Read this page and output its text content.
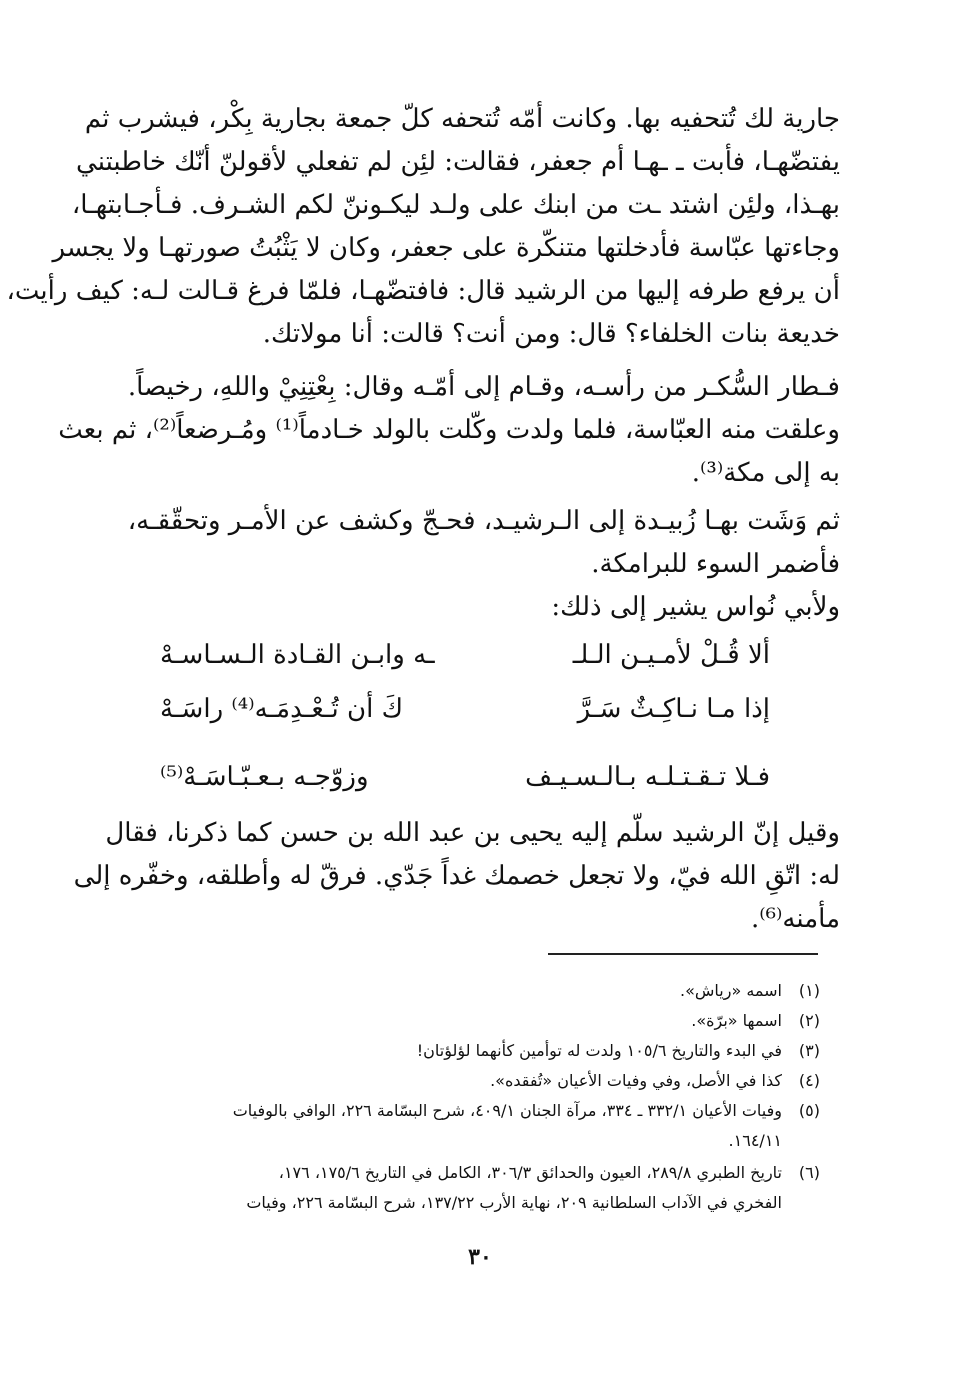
جارية لك تُتحفيه بها. وكانت أمّه تُتحفه كلّ جمعة بجارية بِكْر، فيشرب ثم
يفتضّهـا، فأبت ـ ـهـا أم جعفر، فقالت: لئِن لم تفعلي لأقولنّ أنّك خاطبتني
بهـذا، ولئِن اشتد ـت من ابنك على ولـد ليكـوننّ لكم الشـرف. فـأجـابتهـا،
وجاءتها عبّاسة فأدخلتها متنكّرة على جعفر، وكان لا يَثْبُتُ صورتهـا ولا يجسر
أن يرفع طرفه إليها من الرشيد قال: فافتضّهـا، فلمّا فرغ قـالت لـه: كيف رأيت،
خديعة بنات الخلفاء؟ قال: ومن أنت؟ قالت: أنا مولاتك.
فـطار السُّكـر من رأسـه، وقـام إلى أمّـه وقال: بِعْتِنِيْ واللهِ، رخيصاً.
وعلقت منه العبّاسة، فلما ولدت وكّلت بالولد خـادماً⁽¹⁾ ومُـرضعاً⁽²⁾، ثم بعث
به إلى مكة⁽³⁾.
ثم وَشَت بهـا زُبيـدة إلى الـرشيـد، فحـجّ وكشف عن الأمـر وتحقّقـه،
فأضمر السوء للبرامكة.
ولأبي نُواس يشير إلى ذلك:
ألا قُـلْ لأمـيـن الـلـ
ـه وابـن القـادة الـسـاسـهْ
إذا مـا نـاكِـثٌ سَـرَّ
كَ أن تُـعْـدِمَـه⁽⁴⁾ راسَـهْ
فـلا تـقـتـلـه بـالـسـيـف
وزوّجـه بـعـبّـاسَـهْ⁽⁵⁾
وقيل إنّ الرشيد سلّم إليه يحيى بن عبد الله بن حسن كما ذكرنا، فقال
له: اتّقِ الله فيّ، ولا تجعل خصمك غداً جَدّي. فرقّ له وأطلقه، وخفّره إلى
مأمنه⁽⁶⁾.
(١)اسمه «رياش».
(٢)اسمها «برّة».
(٣)في البدء والتاريخ ١٠٥/٦ ولدت له توأمين كأنهما لؤلؤتان!
(٤)كذا في الأصل، وفي وفيات الأعيان «تُفقده».
(٥)وفيات الأعيان ٣٣٢/١ ـ ٣٣٤، مرآة الجنان ٤٠٩/١، شرح البسّامة ٢٢٦، الوافي بالوفيات
١٦٤/١١.
(٦)تاريخ الطبري ٢٨٩/٨، العيون والحدائق ٣٠٦/٣، الكامل في التاريخ ١٧٥/٦، ١٧٦،
الفخري في الآداب السلطانية ٢٠٩، نهاية الأرب ١٣٧/٢٢، شرح البسّامة ٢٢٦، وفيات
٣٠
